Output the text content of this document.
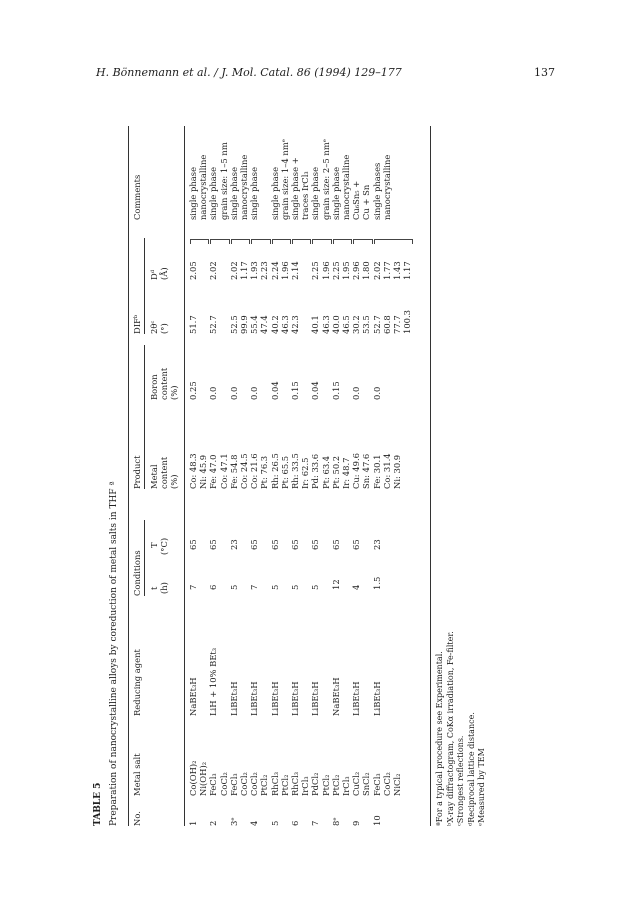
H. Bönnemann et al. / J. Mol. Catal. 86 (1994) 129–177	137
TABLE 5 Preparation of nanocrystalline alloys by coreduction of metal salts in THF ª No.
Metal salt
Reducing agent
Conditions
Product
DIFᵇ
Comments
t (h)
T (°C)
Metal content (%)
Boron content (%)
2θᶜ (°)
Dᵈ (Å)
1
Co(OH)₂ Ni(OH)₂
NaBEt₃H
7
65
Co: 48.3 Ni: 45.9
0.25
51.7
2.05
single phase nanocrystalline
2
FeCl₃ CoCl₂
LiH + 10% BEt₃
6
65
Fe: 47.0 Co: 47.1
0.0
52.7
2.02
single phase grain size: 1–5 nm
3ᵉ
FeCl₃ CoCl₂
LiBEt₃H
5
23
Fe: 54.8 Co: 24.5
0.0
52.5 99.9
2.02 1.17
single phase nanocrystalline
4
CoCl₂ PtCl₂
LiBEt₃H
7
65
Co: 21.6 Pt: 76.3
0.0
55.4 47.4
1.93 2.23
single phase
5
RhCl₃ PtCl₂
LiBEt₃H
5
65
Rh: 26.5 Pt: 65.5
0.04
40.2 46.3
2.24 1.96
single phase grain size: 1–4 nmᵉ
6
RhCl₃ IrCl₃
LiBEt₃H
5
65
Rh: 33.5 Ir: 62.5
0.15
42.3
2.14
single phase + traces IrCl₃
7
PdCl₂ PtCl₂
LiBEt₃H
5
65
Pd: 33.6 Pt: 63.4
0.04
40.1 46.3
2.25 1.96
single phase grain size: 2–5 nmᵉ
8ᵉ
PtCl₂ IrCl₃
NaBEt₃H
12
65
Pt: 50.2 Ir: 48.7
0.15
40.0 46.5
2.25 1.95
single phase nanocrystalline
9
CuCl₂ SnCl₂
LiBEt₃H
4
65
Cu: 49.6 Sn: 47.6
0.0
30.2 53.5
2.96 1.80
Cu₆Sn₅ + Cu + Sn
10
FeCl₃ CoCl₂ NiCl₂
LiBEt₃H
1.5
23
Fe: 30.1 Co: 31.4 Ni: 30.9
0.0
52.7 60.8 77.7 100.3
2.02 1.77 1.43 1.17
single phases nanocrystalline
ªFor a typical procedure see Experimental. ᵇX-ray diffractogram, CoKα irradiation, Fe-filter. ᶜStrongest reflections. ᵈReciprocal lattice distance. ᵉMeasured by TEM
